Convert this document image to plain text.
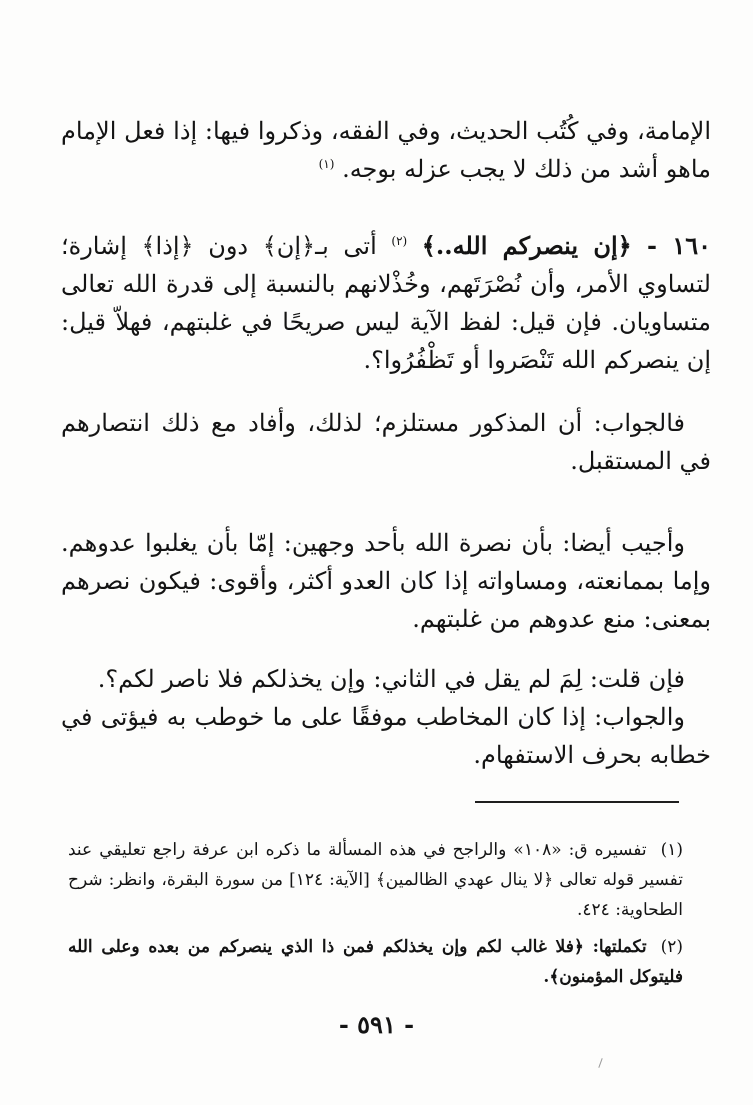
الإمامة، وفي كُتُب الحديث، وفي الفقه، وذكروا فيها: إذا فعل الإمام ماهو أشد من ذلك لا يجب عزله بوجه. $^{(١)}$

١٦٠ - ﴿إن ينصركم الله..﴾ $^{(٢)}$ أتى بـ﴿إن﴾ دون ﴿إذا﴾ إشارة؛ لتساوي الأمر، وأن نُصْرَتَهم، وخُذْلانهم بالنسبة إلى قدرة الله تعالى متساويان. فإن قيل: لفظ الآية ليس صريحًا في غلبتهم، فهلاّ قيل: إن ينصركم الله تَنْصَروا أو تَظْفُرُوا؟.

فالجواب: أن المذكور مستلزم؛ لذلك، وأفاد مع ذلك انتصارهم في المستقبل.

وأجيب أيضا: بأن نصرة الله بأحد وجهين: إمّا بأن يغلبوا عدوهم. وإما بممانعته، ومساواته إذا كان العدو أكثر، وأقوى: فيكون نصرهم بمعنى: منع عدوهم من غلبتهم.

فإن قلت: لِمَ لم يقل في الثاني: وإن يخذلكم فلا ناصر لكم؟.

والجواب: إذا كان المخاطب موفقًا على ما خوطب به فيؤتى في خطابه بحرف الاستفهام.

(١)تفسيره ق: «١٠٨» والراجح في هذه المسألة ما ذكره ابن عرفة راجع تعليقي عند تفسير قوله تعالى ﴿لا ينال عهدي الظالمين﴾ [الآية: ١٢٤] من سورة البقرة، وانظر: شرح الطحاوية: ٤٢٤.

(٢)تكملتها: ﴿فلا غالب لكم وإن يخذلكم فمن ذا الذي ينصركم من بعده وعلى الله فليتوكل المؤمنون﴾.

- ٥٩١ -
